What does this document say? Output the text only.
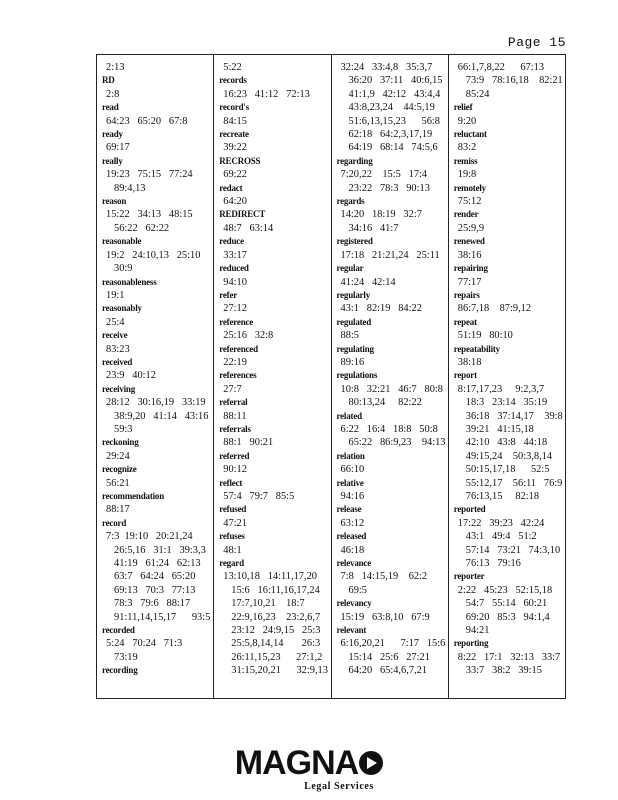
Page 15
2:13
RD
2:8
read
64:23   65:20   67:8
ready
69:17
really
19:23   75:15   77:24
89:4,13
reason
15:22   34:13   48:15
56:22   62:22
reasonable
19:2   24:10,13   25:10
30:9
reasonableness
19:1
reasonably
25:4
receive
83:23
received
23:9   40:12
receiving
28:12   30:16,19   33:19
38:9,20   41:14   43:16
59:3
reckoning
29:24
recognize
56:21
recommendation
88:17
record
7:3  19:10   20:21,24
26:5,16   31:1   39:3,3
41:19   61:24   62:13
63:7   64:24   65:20
69:13   70:3   77:13
78:3   79:6   88:17
91:11,14,15,17      93:5
recorded
5:24   70:24   71:3
73:19
recording
5:22
records
16:23   41:12   72:13
record's
84:15
recreate
39:22
RECROSS
69:22
redact
64:20
REDIRECT
48:7   63:14
reduce
33:17
reduced
94:10
refer
27:12
reference
25:16   32:8
referenced
22:19
references
27:7
referral
88:11
referrals
88:1   90:21
referred
90:12
reflect
57:4   79:7   85:5
refused
47:21
refuses
48:1
regard
13:10,18   14:11,17,20
15:6   16:11,16,17,24
17:7,10,21    18:7
22:9,16,23    23:2,6,7
23:12   24:9,15   25:3
25:5,8,14,14       26:3
26:11,15,23      27:1,2
31:15,20,21      32:9,13
32:24   33:4,8   35:3,7
36:20   37:11   40:6,15
41:1,9   42:12   43:4,4
43:8,23,24    44:5,19
51:6,13,15,23      56:8
62:18   64:2,3,17,19
64:19   68:14   74:5,6
regarding
7:20,22    15:5   17:4
23:22   78:3   90:13
regards
14:20   18:19   32:7
34:16   41:7
registered
17:18   21:21,24   25:11
regular
41:24   42:14
regularly
43:1   82:19   84:22
regulated
88:5
regulating
89:16
regulations
10:8   32:21   46:7   80:8
80:13,24     82:22
related
6:22   16:4   18:8   50:8
65:22   86:9,23    94:13
relation
66:10
relative
94:16
release
63:12
released
46:18
relevance
7:8   14:15,19    62:2
69:5
relevancy
15:19   63:8,10   67:9
relevant
6:16,20,21      7:17   15:6
15:14   25:6   27:21
64:20   65:4,6,7,21
66:1,7,8,22      67:13
73:9   78:16,18    82:21
85:24
relief
9:20
reluctant
83:2
remiss
19:8
remotely
75:12
render
25:9,9
renewed
38:16
repairing
77:17
repairs
86:7,18    87:9,12
repeat
51:19   80:10
repeatability
38:18
report
8:17,17,23     9:2,3,7
18:3   23:14   35:19
36:18   37:14,17    39:8
39:21   41:15,18
42:10   43:8   44:18
49:15,24    50:3,8,14
50:15,17,18      52:5
55:12,17    56:11   76:9
76:13,15     82:18
reported
17:22   39:23   42:24
43:1   49:4   51:2
57:14   73:21   74:3,10
76:13   79:16
reporter
2:22   45:23   52:15,18
54:7   55:14   60:21
69:20   85:3   94:1,4
94:21
reporting
8:22   17:1   32:13   33:7
33:7   38:2   39:15
MAGNA
Legal Services
